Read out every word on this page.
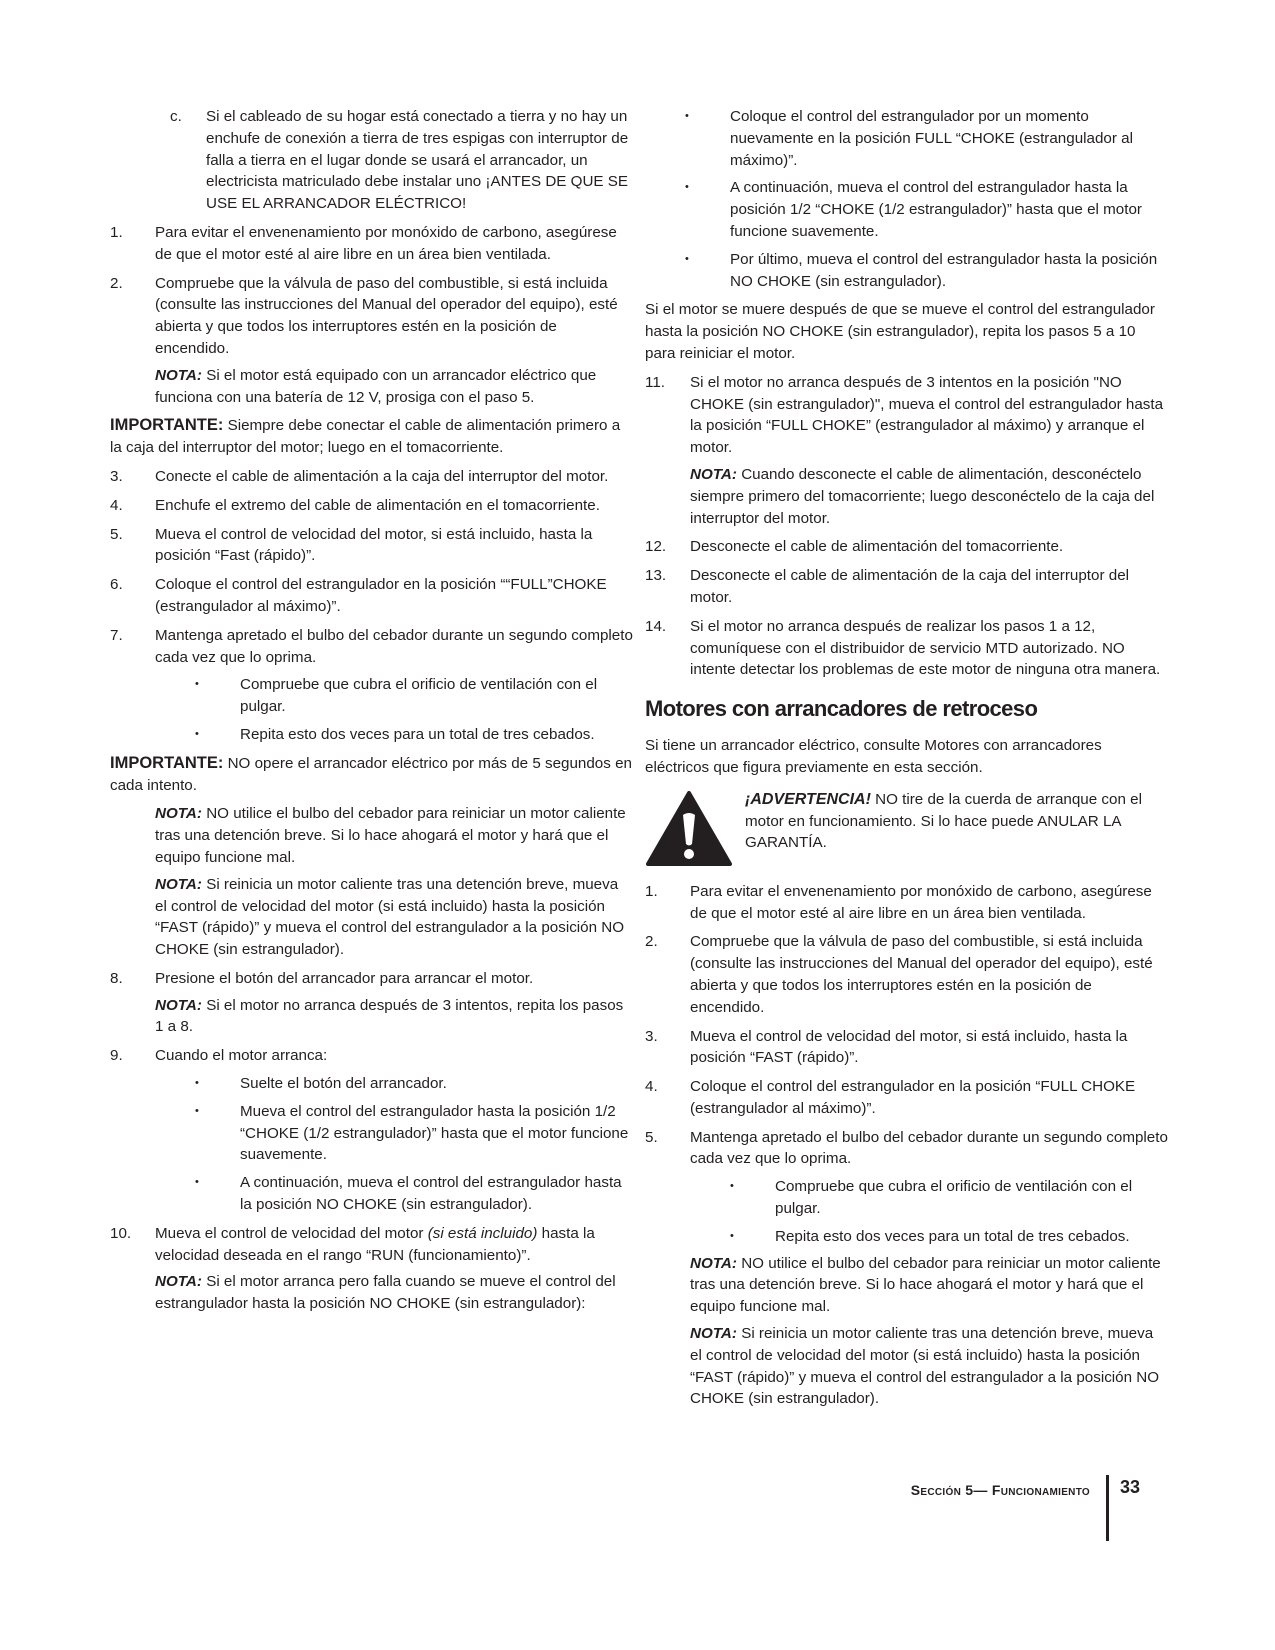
c. Si el cableado de su hogar está conectado a tierra y no hay un enchufe de conexión a tierra de tres espigas con interruptor de falla a tierra en el lugar donde se usará el arrancador, un electricista matriculado debe instalar uno ¡ANTES DE QUE SE USE EL ARRANCADOR ELÉCTRICO!
1. Para evitar el envenenamiento por monóxido de carbono, asegúrese de que el motor esté al aire libre en un área bien ventilada.
2. Compruebe que la válvula de paso del combustible, si está incluida (consulte las instrucciones del Manual del operador del equipo), esté abierta y que todos los interruptores estén en la posición de encendido.
NOTA: Si el motor está equipado con un arrancador eléctrico que funciona con una batería de 12 V, prosiga con el paso 5.
IMPORTANTE: Siempre debe conectar el cable de alimentación primero a la caja del interruptor del motor; luego en el tomacorriente.
3. Conecte el cable de alimentación a la caja del interruptor del motor.
4. Enchufe el extremo del cable de alimentación en el tomacorriente.
5. Mueva el control de velocidad del motor, si está incluido, hasta la posición “Fast (rápido)”.
6. Coloque el control del estrangulador en la posición ““FULL”CHOKE (estrangulador al máximo)”.
7. Mantenga apretado el bulbo del cebador durante un segundo completo cada vez que lo oprima.
• Compruebe que cubra el orificio de ventilación con el pulgar.
• Repita esto dos veces para un total de tres cebados.
IMPORTANTE: NO opere el arrancador eléctrico por más de 5 segundos en cada intento.
NOTA: NO utilice el bulbo del cebador para reiniciar un motor caliente tras una detención breve. Si lo hace ahogará el motor y hará que el equipo funcione mal.
NOTA: Si reinicia un motor caliente tras una detención breve, mueva el control de velocidad del motor (si está incluido) hasta la posición “FAST (rápido)” y mueva el control del estrangulador a la posición NO CHOKE (sin estrangulador).
8. Presione el botón del arrancador para arrancar el motor.
NOTA: Si el motor no arranca después de 3 intentos, repita los pasos 1 a 8.
9. Cuando el motor arranca:
• Suelte el botón del arrancador.
• Mueva el control del estrangulador hasta la posición 1/2 “CHOKE (1/2 estrangulador)” hasta que el motor funcione suavemente.
• A continuación, mueva el control del estrangulador hasta la posición NO CHOKE (sin estrangulador).
10. Mueva el control de velocidad del motor (si está incluido) hasta la velocidad deseada en el rango “RUN (funcionamiento)”.
NOTA: Si el motor arranca pero falla cuando se mueve el control del estrangulador hasta la posición NO CHOKE (sin estrangulador):
• Coloque el control del estrangulador por un momento nuevamente en la posición FULL “CHOKE (estrangulador al máximo)”.
• A continuación, mueva el control del estrangulador hasta la posición 1/2 “CHOKE (1/2 estrangulador)” hasta que el motor funcione suavemente.
• Por último, mueva el control del estrangulador hasta la posición NO CHOKE (sin estrangulador).
Si el motor se muere después de que se mueve el control del estrangulador hasta la posición NO CHOKE (sin estrangulador), repita los pasos 5 a 10 para reiniciar el motor.
11. Si el motor no arranca después de 3 intentos en la posición "NO CHOKE (sin estrangulador)", mueva el control del estrangulador hasta la posición “FULL CHOKE” (estrangulador al máximo) y arranque el motor.
NOTA: Cuando desconecte el cable de alimentación, desconéctelo siempre primero del tomacorriente; luego desconéctelo de la caja del interruptor del motor.
12. Desconecte el cable de alimentación del tomacorriente.
13. Desconecte el cable de alimentación de la caja del interruptor del motor.
14. Si el motor no arranca después de realizar los pasos 1 a 12, comuníquese con el distribuidor de servicio MTD autorizado. NO intente detectar los problemas de este motor de ninguna otra manera.
Motores con arrancadores de retroceso
Si tiene un arrancador eléctrico, consulte Motores con arrancadores eléctricos que figura previamente en esta sección.
¡ADVERTENCIA! NO tire de la cuerda de arranque con el motor en funcionamiento. Si lo hace puede ANULAR LA GARANTÍA.
1. Para evitar el envenenamiento por monóxido de carbono, asegúrese de que el motor esté al aire libre en un área bien ventilada.
2. Compruebe que la válvula de paso del combustible, si está incluida (consulte las instrucciones del Manual del operador del equipo), esté abierta y que todos los interruptores estén en la posición de encendido.
3. Mueva el control de velocidad del motor, si está incluido, hasta la posición “FAST (rápido)”.
4. Coloque el control del estrangulador en la posición “FULL CHOKE (estrangulador al máximo)”.
5. Mantenga apretado el bulbo del cebador durante un segundo completo cada vez que lo oprima.
• Compruebe que cubra el orificio de ventilación con el pulgar.
• Repita esto dos veces para un total de tres cebados.
NOTA: NO utilice el bulbo del cebador para reiniciar un motor caliente tras una detención breve. Si lo hace ahogará el motor y hará que el equipo funcione mal.
NOTA: Si reinicia un motor caliente tras una detención breve, mueva el control de velocidad del motor (si está incluido) hasta la posición “FAST (rápido)” y mueva el control del estrangulador a la posición NO CHOKE (sin estrangulador).
Sección 5— Funcionamiento 33
